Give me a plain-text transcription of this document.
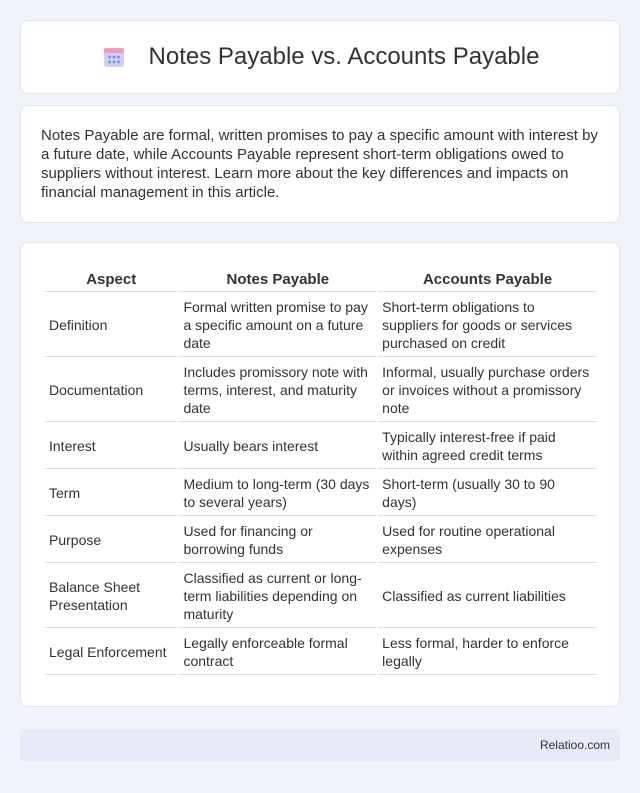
Notes Payable vs. Accounts Payable

Notes Payable are formal, written promises to pay a specific amount with interest by a future date, while Accounts Payable represent short-term obligations owed to suppliers without interest. Learn more about the key differences and impacts on financial management in this article.

Aspect	Notes Payable	Accounts Payable
Definition	Formal written promise to pay a specific amount on a future date	Short-term obligations to suppliers for goods or services purchased on credit
Documentation	Includes promissory note with terms, interest, and maturity date	Informal, usually purchase orders or invoices without a promissory note
Interest	Usually bears interest	Typically interest-free if paid within agreed credit terms
Term	Medium to long-term (30 days to several years)	Short-term (usually 30 to 90 days)
Purpose	Used for financing or borrowing funds	Used for routine operational expenses
Balance Sheet Presentation	Classified as current or long-term liabilities depending on maturity	Classified as current liabilities
Legal Enforcement	Legally enforceable formal contract	Less formal, harder to enforce legally
Relatioo.com
